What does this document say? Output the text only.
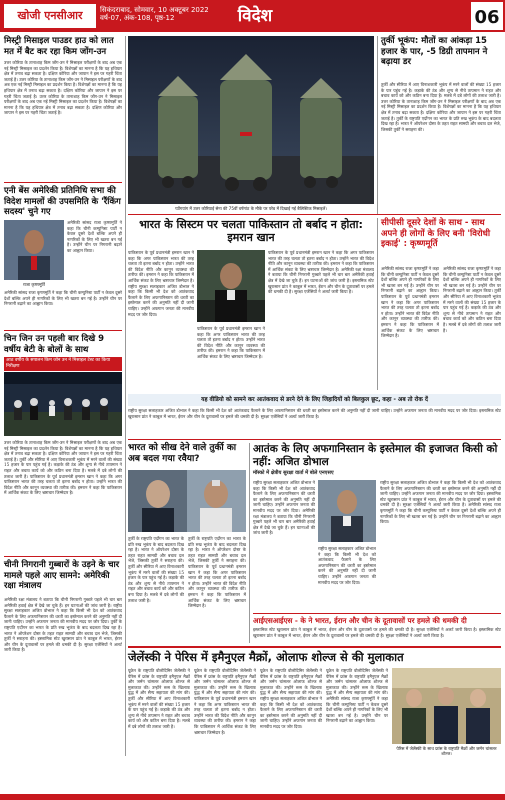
खोजी एनसीआर	सिकंदराबाद, सोमवार, 10 अक्टूबर 2022
वर्ष-07, अंक-108, पृष्ठ-12	विदेश	06
मिस्ट्री मिसाइल पाउडर हाउ को लात मत में बैट कर रहा किम जोंग-उन
उत्तर कोरिया के तानाशाह किम जोंग-उन ने मिसाइल परीक्षणों के बाद अब एक नई मिस्ट्री मिसाइल का प्रदर्शन किया है। विशेषज्ञों का मानना है कि यह हथियार क्षेत्र में तनाव बढ़ा सकता है। दक्षिण कोरिया और जापान ने इस पर गहरी चिंता जताई है। उत्तर कोरिया के तानाशाह किम जोंग-उन ने मिसाइल परीक्षणों के बाद अब एक नई मिस्ट्री मिसाइल का प्रदर्शन किया है। विशेषज्ञों का मानना है कि यह हथियार क्षेत्र में तनाव बढ़ा सकता है। दक्षिण कोरिया और जापान ने इस पर गहरी चिंता जताई है। उत्तर कोरिया के तानाशाह किम जोंग-उन ने मिसाइल परीक्षणों के बाद अब एक नई मिस्ट्री मिसाइल का प्रदर्शन किया है। विशेषज्ञों का मानना है कि यह हथियार क्षेत्र में तनाव बढ़ा सकता है। दक्षिण कोरिया और जापान ने इस पर गहरी चिंता जताई है।
एनी बेंस अमेरिकी प्रतिनिधि सभा की विदेश मामलों की उपसमिति के 'रैंकिंग सदस्य' चुने गए
अमेरिकी सांसद राजा कृष्णमूर्ति ने कहा कि चीनी कम्युनिस्ट पार्टी न केवल दूसरे देशों बल्कि अपने ही नागरिकों के लिए भी खतरा बन गई है। उन्होंने चीन पर निगरानी बढ़ाने का आह्वान किया।
राजा कृष्णमूर्ति
अमेरिकी सांसद राजा कृष्णमूर्ति ने कहा कि चीनी कम्युनिस्ट पार्टी न केवल दूसरे देशों बल्कि अपने ही नागरिकों के लिए भी खतरा बन गई है। उन्होंने चीन पर निगरानी बढ़ाने का आह्वान किया।
चिन जिन उन पहली बार दिखे 9 वर्षीय बेटी के बोलों के साथ
आठ वर्षीय के सपालन किम जोन उन ने मिसाइल टेस्ट का किया निरीक्षण
उत्तर कोरिया के तानाशाह किम जोंग-उन ने मिसाइल परीक्षणों के बाद अब एक नई मिस्ट्री मिसाइल का प्रदर्शन किया है। विशेषज्ञों का मानना है कि यह हथियार क्षेत्र में तनाव बढ़ा सकता है। दक्षिण कोरिया और जापान ने इस पर गहरी चिंता जताई है। तुर्की और सीरिया में आए विनाशकारी भूकंप में मरने वालों की संख्या 15 हजार के पार पहुंच गई है। कड़ाके की ठंड और शून्य से नीचे तापमान ने राहत और बचाव कार्य को और कठिन बना दिया है। मलबे में दबे लोगों की तलाश जारी है। पाकिस्तान के पूर्व प्रधानमंत्री इमरान खान ने कहा कि अगर पाकिस्तान भारत की तरह चलता तो इतना बर्बाद न होता। उन्होंने भारत की विदेश नीति और कानून व्यवस्था की तारीफ की। इमरान ने कहा कि पाकिस्तान में आर्थिक संकट के लिए भ्रष्टाचार जिम्मेदार है।
चीनी निगरानी गुब्बारों के उड़ने के चार मामले पहले आए सामने: अमेरिकी रक्षा मंत्रालय
अमेरिकी रक्षा मंत्रालय ने बताया कि चीनी निगरानी गुब्बारे पहले भी चार बार अमेरिकी हवाई क्षेत्र में देखे जा चुके हैं। इन घटनाओं की जांच जारी है। राष्ट्रीय सुरक्षा सलाहकार अजित डोभाल ने कहा कि किसी भी देश को आतंकवाद फैलाने के लिए अफगानिस्तान की धरती का इस्तेमाल करने की अनुमति नहीं दी जानी चाहिए। उन्होंने अफगान जनता की मानवीय मदद पर जोर दिया। तुर्की के राष्ट्रपति एर्दोगन का भारत के प्रति रुख भूकंप के बाद बदलता दिख रहा है। भारत ने ऑपरेशन दोस्त के तहत राहत सामग्री और बचाव दल भेजे, जिसकी तुर्की ने सराहना की। इस्लामिक स्टेट खुरासान प्रांत ने काबुल में भारत, ईरान और चीन के दूतावासों पर हमले की धमकी दी है। सुरक्षा एजेंसियों ने अलर्ट जारी किया है।
प्योंगयांग में उत्तर कोरियाई सेना की 75वीं वर्षगांठ के मौके पर परेड में दिखाई गई बैलिस्टिक मिसाइलें।
तुर्की भूकंप: मौतों का आंकड़ा 15 हजार के पार, -5 डिग्री तापमान ने बढ़ाया डर
तुर्की और सीरिया में आए विनाशकारी भूकंप में मरने वालों की संख्या 15 हजार के पार पहुंच गई है। कड़ाके की ठंड और शून्य से नीचे तापमान ने राहत और बचाव कार्य को और कठिन बना दिया है। मलबे में दबे लोगों की तलाश जारी है। उत्तर कोरिया के तानाशाह किम जोंग-उन ने मिसाइल परीक्षणों के बाद अब एक नई मिस्ट्री मिसाइल का प्रदर्शन किया है। विशेषज्ञों का मानना है कि यह हथियार क्षेत्र में तनाव बढ़ा सकता है। दक्षिण कोरिया और जापान ने इस पर गहरी चिंता जताई है। तुर्की के राष्ट्रपति एर्दोगन का भारत के प्रति रुख भूकंप के बाद बदलता दिख रहा है। भारत ने ऑपरेशन दोस्त के तहत राहत सामग्री और बचाव दल भेजे, जिसकी तुर्की ने सराहना की।
भारत के सिस्टम पर चलता पाकिस्तान तो बर्बाद न होता: इमरान खान
पाकिस्तान के पूर्व प्रधानमंत्री इमरान खान ने कहा कि अगर पाकिस्तान भारत की तरह चलता तो इतना बर्बाद न होता। उन्होंने भारत की विदेश नीति और कानून व्यवस्था की तारीफ की। इमरान ने कहा कि पाकिस्तान में आर्थिक संकट के लिए भ्रष्टाचार जिम्मेदार है। राष्ट्रीय सुरक्षा सलाहकार अजित डोभाल ने कहा कि किसी भी देश को आतंकवाद फैलाने के लिए अफगानिस्तान की धरती का इस्तेमाल करने की अनुमति नहीं दी जानी चाहिए। उन्होंने अफगान जनता की मानवीय मदद पर जोर दिया।
पाकिस्तान के पूर्व प्रधानमंत्री इमरान खान ने कहा कि अगर पाकिस्तान भारत की तरह चलता तो इतना बर्बाद न होता। उन्होंने भारत की विदेश नीति और कानून व्यवस्था की तारीफ की। इमरान ने कहा कि पाकिस्तान में आर्थिक संकट के लिए भ्रष्टाचार जिम्मेदार है।
पाकिस्तान के पूर्व प्रधानमंत्री इमरान खान ने कहा कि अगर पाकिस्तान भारत की तरह चलता तो इतना बर्बाद न होता। उन्होंने भारत की विदेश नीति और कानून व्यवस्था की तारीफ की। इमरान ने कहा कि पाकिस्तान में आर्थिक संकट के लिए भ्रष्टाचार जिम्मेदार है। अमेरिकी रक्षा मंत्रालय ने बताया कि चीनी निगरानी गुब्बारे पहले भी चार बार अमेरिकी हवाई क्षेत्र में देखे जा चुके हैं। इन घटनाओं की जांच जारी है। इस्लामिक स्टेट खुरासान प्रांत ने काबुल में भारत, ईरान और चीन के दूतावासों पर हमले की धमकी दी है। सुरक्षा एजेंसियों ने अलर्ट जारी किया है।
सीपीसी दूसरे देशों के साथ - साथ अपने ही लोगों के लिए बनी 'विरोधी इकाई' : कृष्णमूर्ति
अमेरिकी सांसद राजा कृष्णमूर्ति ने कहा कि चीनी कम्युनिस्ट पार्टी न केवल दूसरे देशों बल्कि अपने ही नागरिकों के लिए भी खतरा बन गई है। उन्होंने चीन पर निगरानी बढ़ाने का आह्वान किया। पाकिस्तान के पूर्व प्रधानमंत्री इमरान खान ने कहा कि अगर पाकिस्तान भारत की तरह चलता तो इतना बर्बाद न होता। उन्होंने भारत की विदेश नीति और कानून व्यवस्था की तारीफ की। इमरान ने कहा कि पाकिस्तान में आर्थिक संकट के लिए भ्रष्टाचार जिम्मेदार है।
अमेरिकी सांसद राजा कृष्णमूर्ति ने कहा कि चीनी कम्युनिस्ट पार्टी न केवल दूसरे देशों बल्कि अपने ही नागरिकों के लिए भी खतरा बन गई है। उन्होंने चीन पर निगरानी बढ़ाने का आह्वान किया। तुर्की और सीरिया में आए विनाशकारी भूकंप में मरने वालों की संख्या 15 हजार के पार पहुंच गई है। कड़ाके की ठंड और शून्य से नीचे तापमान ने राहत और बचाव कार्य को और कठिन बना दिया है। मलबे में दबे लोगों की तलाश जारी है।
यह वीडियो को सामने कर आतंकवाद से डरने देने के लिए जिहादियों को बिलकुल छूट, कहा - अब तो रोक दें
राष्ट्रीय सुरक्षा सलाहकार अजित डोभाल ने कहा कि किसी भी देश को आतंकवाद फैलाने के लिए अफगानिस्तान की धरती का इस्तेमाल करने की अनुमति नहीं दी जानी चाहिए। उन्होंने अफगान जनता की मानवीय मदद पर जोर दिया। इस्लामिक स्टेट खुरासान प्रांत ने काबुल में भारत, ईरान और चीन के दूतावासों पर हमले की धमकी दी है। सुरक्षा एजेंसियों ने अलर्ट जारी किया है।
भारत को सीख देने वाले तुर्की का अब बदल गया रवैया?
तुर्की के राष्ट्रपति एर्दोगन का भारत के प्रति रुख भूकंप के बाद बदलता दिख रहा है। भारत ने ऑपरेशन दोस्त के तहत राहत सामग्री और बचाव दल भेजे, जिसकी तुर्की ने सराहना की। तुर्की और सीरिया में आए विनाशकारी भूकंप में मरने वालों की संख्या 15 हजार के पार पहुंच गई है। कड़ाके की ठंड और शून्य से नीचे तापमान ने राहत और बचाव कार्य को और कठिन बना दिया है। मलबे में दबे लोगों की तलाश जारी है।
तुर्की के राष्ट्रपति एर्दोगन का भारत के प्रति रुख भूकंप के बाद बदलता दिख रहा है। भारत ने ऑपरेशन दोस्त के तहत राहत सामग्री और बचाव दल भेजे, जिसकी तुर्की ने सराहना की। पाकिस्तान के पूर्व प्रधानमंत्री इमरान खान ने कहा कि अगर पाकिस्तान भारत की तरह चलता तो इतना बर्बाद न होता। उन्होंने भारत की विदेश नीति और कानून व्यवस्था की तारीफ की। इमरान ने कहा कि पाकिस्तान में आर्थिक संकट के लिए भ्रष्टाचार जिम्मेदार है।
आतंक के लिए अफगानिस्तान के इस्तेमाल की इजाजत किसी को नहीं: अजित डोभाल
मॉस्को में क्षेत्रीय सुरक्षा वार्ता में बोले एनएसए
राष्ट्रीय सुरक्षा सलाहकार अजित डोभाल ने कहा कि किसी भी देश को आतंकवाद फैलाने के लिए अफगानिस्तान की धरती का इस्तेमाल करने की अनुमति नहीं दी जानी चाहिए। उन्होंने अफगान जनता की मानवीय मदद पर जोर दिया। अमेरिकी रक्षा मंत्रालय ने बताया कि चीनी निगरानी गुब्बारे पहले भी चार बार अमेरिकी हवाई क्षेत्र में देखे जा चुके हैं। इन घटनाओं की जांच जारी है।
राष्ट्रीय सुरक्षा सलाहकार अजित डोभाल ने कहा कि किसी भी देश को आतंकवाद फैलाने के लिए अफगानिस्तान की धरती का इस्तेमाल करने की अनुमति नहीं दी जानी चाहिए। उन्होंने अफगान जनता की मानवीय मदद पर जोर दिया।
राष्ट्रीय सुरक्षा सलाहकार अजित डोभाल ने कहा कि किसी भी देश को आतंकवाद फैलाने के लिए अफगानिस्तान की धरती का इस्तेमाल करने की अनुमति नहीं दी जानी चाहिए। उन्होंने अफगान जनता की मानवीय मदद पर जोर दिया। इस्लामिक स्टेट खुरासान प्रांत ने काबुल में भारत, ईरान और चीन के दूतावासों पर हमले की धमकी दी है। सुरक्षा एजेंसियों ने अलर्ट जारी किया है। अमेरिकी सांसद राजा कृष्णमूर्ति ने कहा कि चीनी कम्युनिस्ट पार्टी न केवल दूसरे देशों बल्कि अपने ही नागरिकों के लिए भी खतरा बन गई है। उन्होंने चीन पर निगरानी बढ़ाने का आह्वान किया।
आईएसआईएस - के ने भारत, ईरान और चीन के दूतावासों पर हमले की धमकी दी
इस्लामिक स्टेट खुरासान प्रांत ने काबुल में भारत, ईरान और चीन के दूतावासों पर हमले की धमकी दी है। सुरक्षा एजेंसियों ने अलर्ट जारी किया है। इस्लामिक स्टेट खुरासान प्रांत ने काबुल में भारत, ईरान और चीन के दूतावासों पर हमले की धमकी दी है। सुरक्षा एजेंसियों ने अलर्ट जारी किया है।
जेलेंस्की ने पेरिस में इमैनुएल मैक्रों, ओलाफ शोल्ज से की मुलाकात
यूक्रेन के राष्ट्रपति वोलोदिमिर जेलेंस्की ने पेरिस में फ्रांस के राष्ट्रपति इमैनुएल मैक्रों और जर्मन चांसलर ओलाफ शोल्ज से मुलाकात की। उन्होंने रूस के खिलाफ युद्ध में और सैन्य सहायता की मांग की। तुर्की और सीरिया में आए विनाशकारी भूकंप में मरने वालों की संख्या 15 हजार के पार पहुंच गई है। कड़ाके की ठंड और शून्य से नीचे तापमान ने राहत और बचाव कार्य को और कठिन बना दिया है। मलबे में दबे लोगों की तलाश जारी है।
यूक्रेन के राष्ट्रपति वोलोदिमिर जेलेंस्की ने पेरिस में फ्रांस के राष्ट्रपति इमैनुएल मैक्रों और जर्मन चांसलर ओलाफ शोल्ज से मुलाकात की। उन्होंने रूस के खिलाफ युद्ध में और सैन्य सहायता की मांग की। पाकिस्तान के पूर्व प्रधानमंत्री इमरान खान ने कहा कि अगर पाकिस्तान भारत की तरह चलता तो इतना बर्बाद न होता। उन्होंने भारत की विदेश नीति और कानून व्यवस्था की तारीफ की। इमरान ने कहा कि पाकिस्तान में आर्थिक संकट के लिए भ्रष्टाचार जिम्मेदार है।
यूक्रेन के राष्ट्रपति वोलोदिमिर जेलेंस्की ने पेरिस में फ्रांस के राष्ट्रपति इमैनुएल मैक्रों और जर्मन चांसलर ओलाफ शोल्ज से मुलाकात की। उन्होंने रूस के खिलाफ युद्ध में और सैन्य सहायता की मांग की। राष्ट्रीय सुरक्षा सलाहकार अजित डोभाल ने कहा कि किसी भी देश को आतंकवाद फैलाने के लिए अफगानिस्तान की धरती का इस्तेमाल करने की अनुमति नहीं दी जानी चाहिए। उन्होंने अफगान जनता की मानवीय मदद पर जोर दिया।
यूक्रेन के राष्ट्रपति वोलोदिमिर जेलेंस्की ने पेरिस में फ्रांस के राष्ट्रपति इमैनुएल मैक्रों और जर्मन चांसलर ओलाफ शोल्ज से मुलाकात की। उन्होंने रूस के खिलाफ युद्ध में और सैन्य सहायता की मांग की। अमेरिकी सांसद राजा कृष्णमूर्ति ने कहा कि चीनी कम्युनिस्ट पार्टी न केवल दूसरे देशों बल्कि अपने ही नागरिकों के लिए भी खतरा बन गई है। उन्होंने चीन पर निगरानी बढ़ाने का आह्वान किया।
पेरिस में जेलेंस्की के साथ फ्रांस के राष्ट्रपति मैक्रों और जर्मन चांसलर शोल्ज।
